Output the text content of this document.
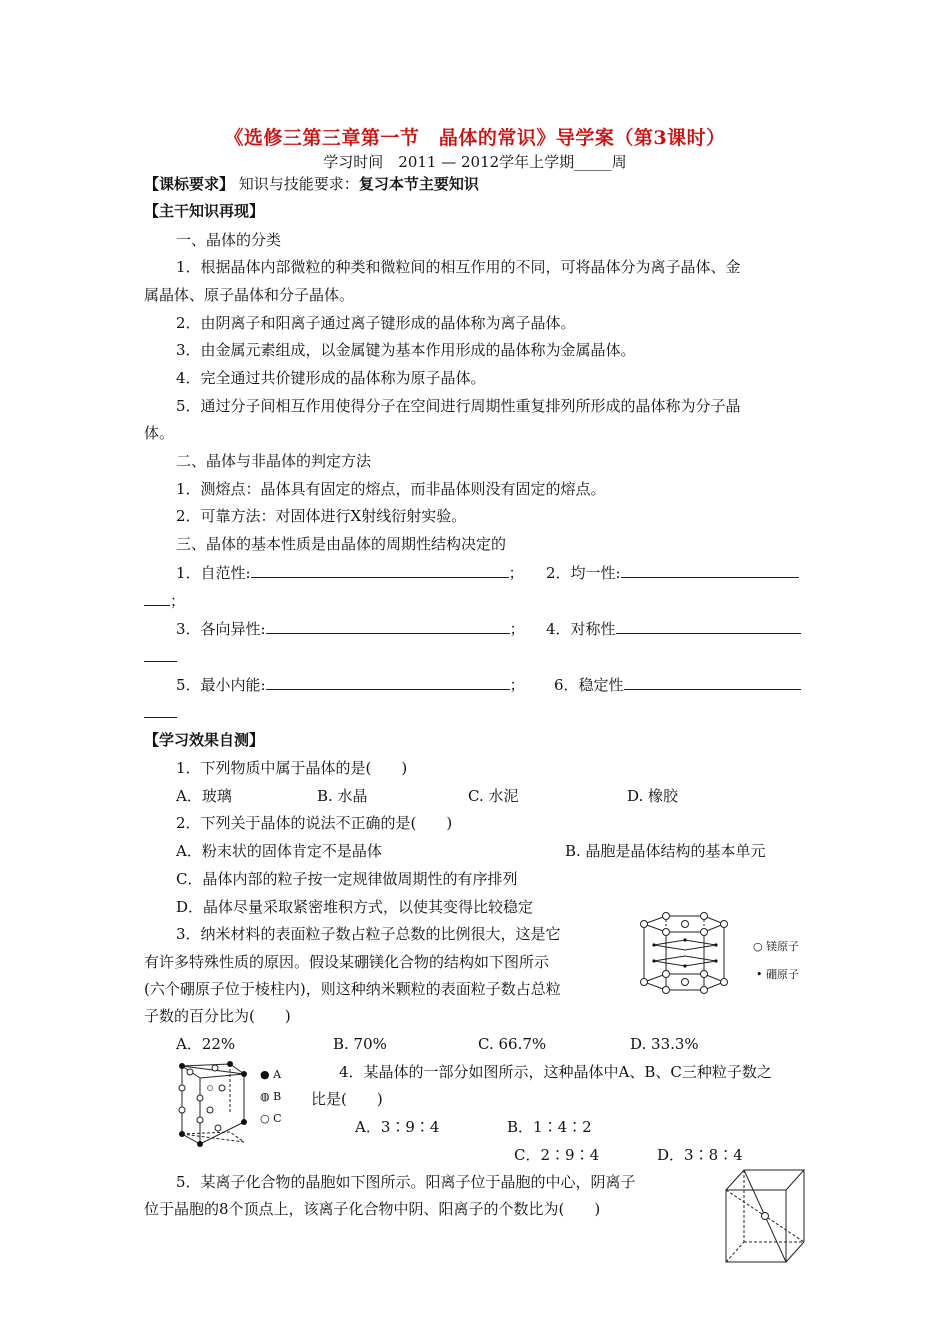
《选修三第三章第一节　晶体的常识》导学案（第3课时）
学习时间　2011 — 2012学年上学期_____周
【课标要求】 知识与技能要求：复习本节主要知识
【主干知识再现】
一、晶体的分类
1．根据晶体内部微粒的种类和微粒间的相互作用的不同，可将晶体分为离子晶体、金
属晶体、原子晶体和分子晶体。
2．由阴离子和阳离子通过离子键形成的晶体称为离子晶体。
3．由金属元素组成，以金属键为基本作用形成的晶体称为金属晶体。
4．完全通过共价键形成的晶体称为原子晶体。
5．通过分子间相互作用使得分子在空间进行周期性重复排列所形成的晶体称为分子晶
体。
二、晶体与非晶体的判定方法
1．测熔点：晶体具有固定的熔点，而非晶体则没有固定的熔点。
2．可靠方法：对固体进行X射线衍射实验。
三、晶体的基本性质是由晶体的周期性结构决定的
1．自范性:	； 2．均一性:
；
3．各向异性:	； 4．对称性
5．最小内能:	； 6．稳定性
【学习效果自测】
1．下列物质中属于晶体的是(　　)
A．玻璃	B. 水晶	C. 水泥	D. 橡胶
2．下列关于晶体的说法不正确的是(　　)
A．粉末状的固体肯定不是晶体	B. 晶胞是晶体结构的基本单元
C．晶体内部的粒子按一定规律做周期性的有序排列
D．晶体尽量采取紧密堆积方式，以使其变得比较稳定
3．纳米材料的表面粒子数占粒子总数的比例很大，这是它
有许多特殊性质的原因。假设某硼镁化合物的结构如下图所示
(六个硼原子位于棱柱内)，则这种纳米颗粒的表面粒子数占总粒
子数的百分比为(　　)
○ 镁原子
• 硼原子
A．22%	B. 70%	C. 66.7%	D. 33.3%
● A
◍ B
○ C
4．某晶体的一部分如图所示，这种晶体中A、B、C三种粒子数之
比是(　　)
A．3∶9∶4	B．1∶4∶2
C．2∶9∶4	D．3∶8∶4
5．某离子化合物的晶胞如下图所示。阳离子位于晶胞的中心，阴离子
位于晶胞的8个顶点上，该离子化合物中阴、阳离子的个数比为(　　)
